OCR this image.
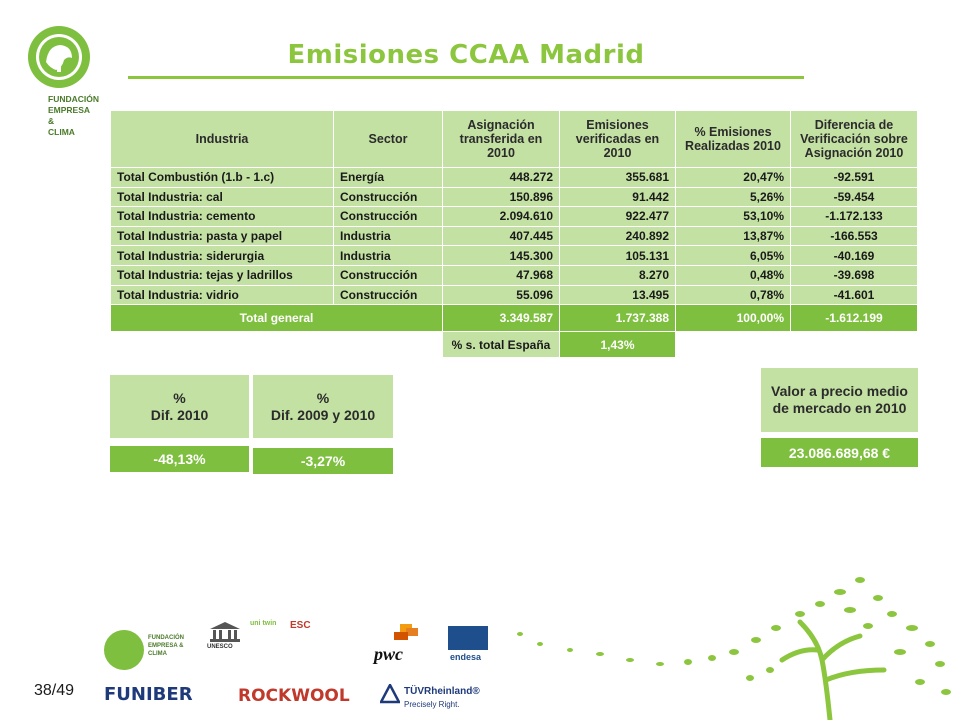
FUNDACIÓN
EMPRESA &
CLIMA
Emisiones CCAA Madrid
Industria	Sector	Asignación transferida en 2010	Emisiones verificadas en 2010	% Emisiones Realizadas 2010	Diferencia de Verificación sobre Asignación 2010
Total Combustión (1.b - 1.c)	Energía	448.272	355.681	20,47%	-92.591
Total Industria: cal	Construcción	150.896	91.442	5,26%	-59.454
Total Industria: cemento	Construcción	2.094.610	922.477	53,10%	-1.172.133
Total Industria: pasta y papel	Industria	407.445	240.892	13,87%	-166.553
Total Industria: siderurgia	Industria	145.300	105.131	6,05%	-40.169
Total Industria: tejas y ladrillos	Construcción	47.968	8.270	0,48%	-39.698
Total Industria: vidrio	Construcción	55.096	13.495	0,78%	-41.601
Total general		3.349.587	1.737.388	100,00%	-1.612.199
		% s. total España	1,43%		
%
Dif. 2010
-48,13%
%
Dif. 2009 y 2010
-3,27%
Valor a precio medio
de mercado en 2010
23.086.689,68 €
FUNDACIÓN
EMPRESA &
CLIMA
UNESCO
uni twin ESC
pwc	endesa
FUNIBER	ROCKWOOL	TÜVRheinland®
Precisely Right.
38/49
